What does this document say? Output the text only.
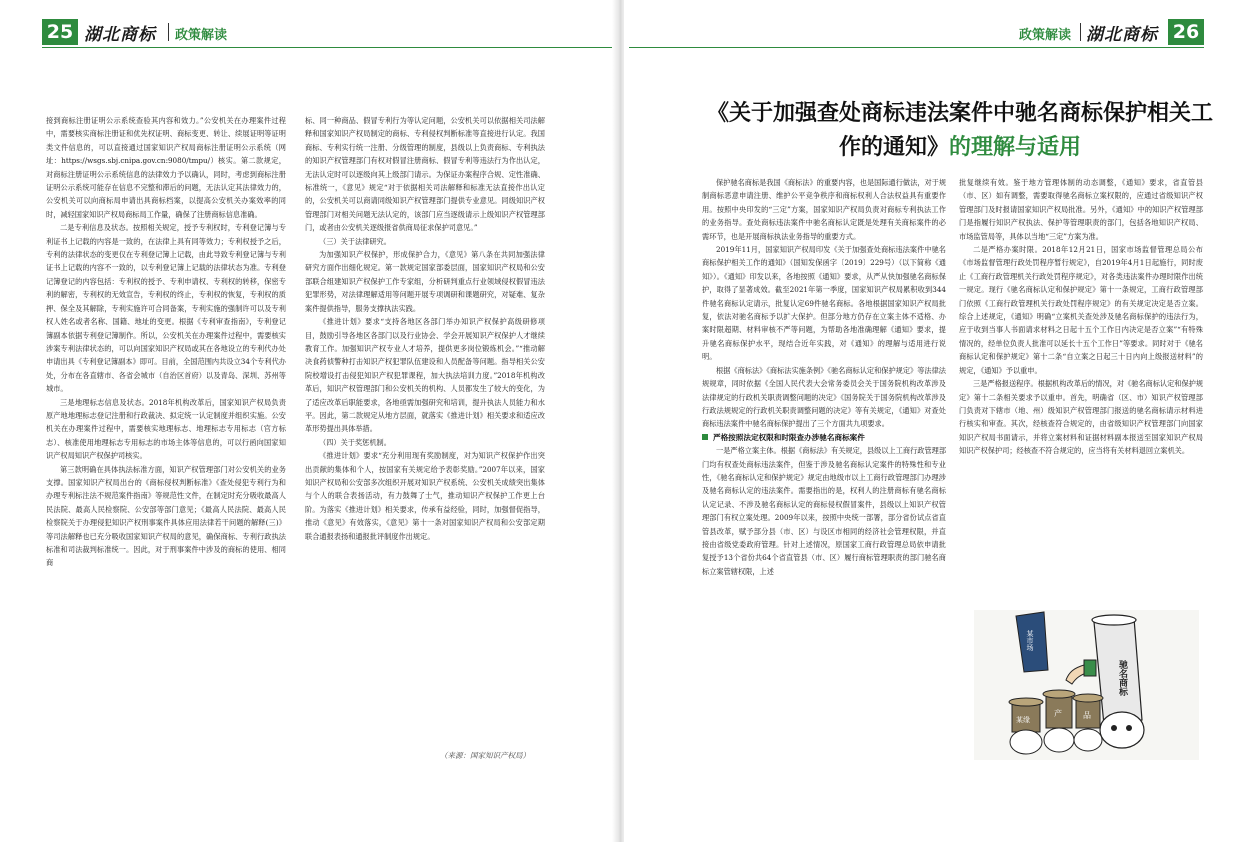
25 湖北商标 政策解读

接到商标注册证明公示系统查验其内容和效力。”公安机关在办理案件过程中，需要核实商标注册证和优先权证明、商标变更、转让、续展证明等证明类文件信息的，可以直接通过国家知识产权局商标注册证明公示系统（网址：https://wsgs.sbj.cnipa.gov.cn:9080/tmpu/）核实。第二款规定，对商标注册证明公示系统信息的法律效力予以确认，同时，考虑到商标注册证明公示系统可能存在信息不完整和滞后的问题，无法认定其法律效力的，公安机关可以向商标局申请出具商标档案，以提高公安机关办案效率的同时，减轻国家知识产权局商标局工作量，确保了注册商标信息准确。

二是专利信息及状态。按照相关规定，授予专利权时，专利登记簿与专利证书上记载的内容是一致的，在法律上具有同等效力；专利权授予之后，专利的法律状态的变更仅在专利登记簿上记载，由此导致专利登记簿与专利证书上记载的内容不一致的，以专利登记簿上记载的法律状态为准。专利登记簿登记的内容包括：专利权的授予、专利申请权、专利权的转移，保密专利的解密，专利权的无效宣告，专利权的终止，专利权的恢复，专利权的质押、保全及其解除，专利实施许可合同备案，专利实施的强制许可以及专利权人姓名或者名称、国籍、地址的变更。根据《专利审查指南》，专利登记簿副本依据专利登记簿制作。所以，公安机关在办理案件过程中，需要核实涉案专利法律状态的，可以向国家知识产权局或其在各地设立的专利代办处申请出具《专利登记簿副本》即可。目前，全国范围内共设立34个专利代办处，分布在各直辖市、各省会城市（自治区首府）以及青岛、深圳、苏州等城市。

三是地理标志信息及状态。2018年机构改革后，国家知识产权局负责原产地地理标志登记注册和行政裁决、拟定统一认定制度并组织实施。公安机关在办理案件过程中，需要核实地理标志、地理标志专用标志（官方标志）、核准使用地理标志专用标志的市场主体等信息的，可以行函向国家知识产权局知识产权保护司核实。

第三款明确在具体执法标准方面，知识产权管理部门对公安机关的业务支撑。国家知识产权局出台的《商标侵权判断标准》《查处侵犯专利行为和办理专利标注法不规范案件指南》等规范性文件，在制定时充分吸收最高人民法院、最高人民检察院、公安部等部门意见；《最高人民法院、最高人民检察院关于办理侵犯知识产权刑事案件具体应用法律若干问题的解释(三)》等司法解释也已充分吸收国家知识产权局的意见，确保商标、专利行政执法标准和司法裁判标准统一。因此，对于刑事案件中涉及的商标的使用、相同商

标、同一种商品、假冒专利行为等认定问题，公安机关可以依据相关司法解释和国家知识产权局制定的商标、专利侵权判断标准等直接进行认定。我国商标、专利实行统一注册、分级管理的制度，县级以上负责商标、专利执法的知识产权管理部门有权对假冒注册商标、假冒专利等违法行为作出认定，无法认定时可以逐级向其上级部门请示。为保证办案程序合规、定性准确、标准统一，《意见》规定“对于依据相关司法解释和标准无法直接作出认定的，公安机关可以商请同级知识产权管理部门提供专业意见。同级知识产权管理部门对相关问题无法认定的，该部门应当逐级请示上级知识产权管理部门，或者由公安机关逐级报省供商局征求保护司意见。”

（三）关于法律研究。

为加强知识产权保护，形成保护合力，《意见》第八条在共同加强法律研究方面作出细化规定。第一款规定国家部委层面，国家知识产权局和公安部联合组建知识产权保护工作专家组，分析研判重点行业领域侵权假冒违法犯罪形势，对法律理解适用等问题开展专项调研和课题研究，对疑难、复杂案件提供指导，服务支撑执法实践。

《推进计划》要求“支持各地区各部门举办知识产权保护高级研修项目，鼓励引导各地区各部门以及行业协会、学会开展知识产权保护人才继续教育工作。加强知识产权专业人才培养，提供更多岗位锻炼机会。”“推动解决食药侦警种打击知识产权犯罪队伍建设和人员配备等问题。指导相关公安院校增设打击侵犯知识产权犯罪课程，加大执法培训力度。”2018年机构改革后，知识产权管理部门和公安机关的机构、人员都发生了较大的变化，为了适应改革后职能要求，各地亟需加强研究和培训，提升执法人员能力和水平。因此，第二款规定从地方层面，就落实《推进计划》相关要求和适应改革形势提出具体举措。

（四）关于奖惩机制。

《推进计划》要求“充分利用现有奖励制度，对为知识产权保护作出突出贡献的集体和个人，按国家有关规定给予表彰奖励。”2007年以来，国家知识产权局和公安部多次组织开展对知识产权系统、公安机关成绩突出集体与个人的联合表扬活动，有力鼓舞了士气，推动知识产权保护工作更上台阶。为落实《推进计划》相关要求，传承有益经验，同时，加强督促指导，推动《意见》有效落实，《意见》第十一条对国家知识产权局和公安部定期联合通报表扬和通报批评制度作出规定。

（来源：国家知识产权局）
政策解读 湖北商标 26
《关于加强查处商标违法案件中驰名商标保护相关工作的通知》的理解与适用

保护驰名商标是我国《商标法》的重要内容，也是国际通行做法，对于规制商标恶意申请注册、维护公平竞争秩序和商标权利人合法权益具有重要作用。按照中央印发的“三定”方案，国家知识产权局负责对商标专利执法工作的业务指导。查处商标违法案件中驰名商标认定既是处理有关商标案件的必需环节，也是开展商标执法业务指导的重要方式。

2019年11月，国家知识产权局印发《关于加强查处商标违法案件中驰名商标保护相关工作的通知》（国知发保函字〔2019〕229号）（以下简称《通知》）。《通知》印发以来，各地按照《通知》要求，从严从快加强驰名商标保护，取得了显著成效。截至2021年第一季度，国家知识产权局累积收到344件驰名商标认定请示，批复认定69件驰名商标。各地根据国家知识产权局批复，依法对驰名商标予以扩大保护。但部分地方仍存在立案主体不适格、办案时限超期、材料审核不严等问题，为帮助各地准确理解《通知》要求，提升驰名商标保护水平，现结合近年实践，对《通知》的理解与适用进行说明。

根据《商标法》《商标法实施条例》《驰名商标认定和保护规定》等法律法规规章，同时依据《全国人民代表大会常务委员会关于国务院机构改革涉及法律规定的行政机关职责调整问题的决定》《国务院关于国务院机构改革涉及行政法规规定的行政机关职责调整问题的决定》等有关规定，《通知》对查处商标违法案件中驰名商标保护提出了三个方面共九项要求。

严格按照法定权限和时限查办涉驰名商标案件

一是严格立案主体。根据《商标法》有关规定，县级以上工商行政管理部门均有权查处商标违法案件，但鉴于涉及驰名商标认定案件的特殊性和专业性，《驰名商标认定和保护规定》规定由地级市以上工商行政管理部门办理涉及驰名商标认定的违法案件。需要指出的是，权利人的注册商标有驰名商标认定记录、不涉及驰名商标认定的商标侵权假冒案件，县级以上知识产权管理部门有权立案处理。2009年以来，按照中央统一部署，部分省份试点省直管县改革，赋予部分县（市、区）与设区市相同的经济社会管理权限，并直接由省级党委政府管理。针对上述情况，原国家工商行政管理总局依申请批复授予13个省份共64个省直管县（市、区）履行商标管理职责的部门驰名商标立案管辖权限，上述

批复继续有效。鉴于地方管理体制的动态调整，《通知》要求，省直管县（市、区）如有调整，需要取得驰名商标立案权限的，应通过省级知识产权管理部门及时报请国家知识产权局批准。另外，《通知》中的知识产权管理部门是指履行知识产权执法、保护等管理职责的部门，包括各地知识产权局、市场监管局等，具体以当地“三定”方案为准。

二是严格办案时限。2018年12月21日，国家市场监督管理总局公布《市场监督管理行政处罚程序暂行规定》，自2019年4月1日起施行，同时废止《工商行政管理机关行政处罚程序规定》，对各类违法案件办理时限作出统一规定。现行《驰名商标认定和保护规定》第十一条规定，工商行政管理部门依照《工商行政管理机关行政处罚程序规定》的有关规定决定是否立案。综合上述规定，《通知》明确“立案机关查处涉及驰名商标保护的违法行为，应于收到当事人书面请求材料之日起十五个工作日内决定是否立案”“有特殊情况的，经单位负责人批准可以延长十五个工作日”等要求。同时对于《驰名商标认定和保护规定》第十二条“自立案之日起三十日内向上级报送材料”的规定，《通知》予以重申。

三是严格报送程序。根据机构改革后的情况，对《驰名商标认定和保护规定》第十二条相关要求予以重申。首先，明确省（区、市）知识产权管理部门负责对下辖市（地、州）级知识产权管理部门报送的驰名商标请示材料进行核实和审查。其次，经核查符合规定的，由省级知识产权管理部门向国家知识产权局书面请示，并将立案材料和证据材料副本报送至国家知识产权局知识产权保护司；经核查不符合规定的，应当将有关材料退回立案机关。

驰名商标
某缘
产	品
某市场
